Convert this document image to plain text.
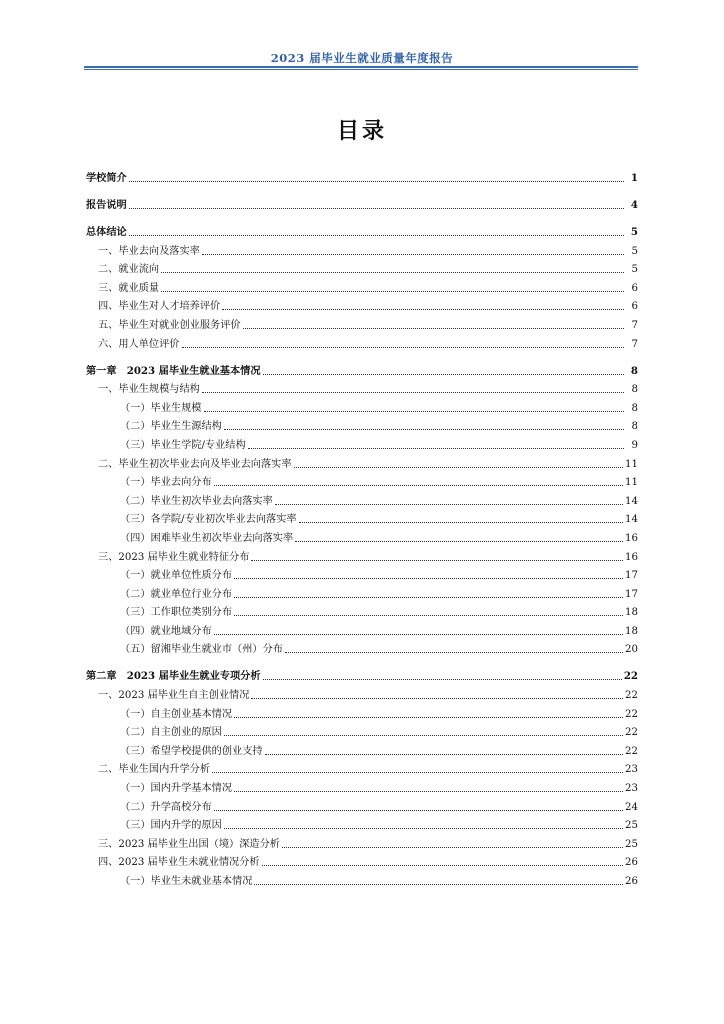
2023 届毕业生就业质量年度报告
目录
学校简介	1
报告说明	4
总体结论	5
一、毕业去向及落实率	5
二、就业流向	5
三、就业质量	6
四、毕业生对人才培养评价	6
五、毕业生对就业创业服务评价	7
六、用人单位评价	7
第一章　2023 届毕业生就业基本情况	8
一、毕业生规模与结构	8
（一）毕业生规模	8
（二）毕业生生源结构	8
（三）毕业生学院/专业结构	9
二、毕业生初次毕业去向及毕业去向落实率	11
（一）毕业去向分布	11
（二）毕业生初次毕业去向落实率	14
（三）各学院/专业初次毕业去向落实率	14
（四）困难毕业生初次毕业去向落实率	16
三、2023 届毕业生就业特征分布	16
（一）就业单位性质分布	17
（二）就业单位行业分布	17
（三）工作职位类别分布	18
（四）就业地域分布	18
（五）留湘毕业生就业市（州）分布	20
第二章　2023 届毕业生就业专项分析	22
一、2023 届毕业生自主创业情况	22
（一）自主创业基本情况	22
（二）自主创业的原因	22
（三）希望学校提供的创业支持	22
二、毕业生国内升学分析	23
（一）国内升学基本情况	23
（二）升学高校分布	24
（三）国内升学的原因	25
三、2023 届毕业生出国（境）深造分析	25
四、2023 届毕业生未就业情况分析	26
（一）毕业生未就业基本情况	26
